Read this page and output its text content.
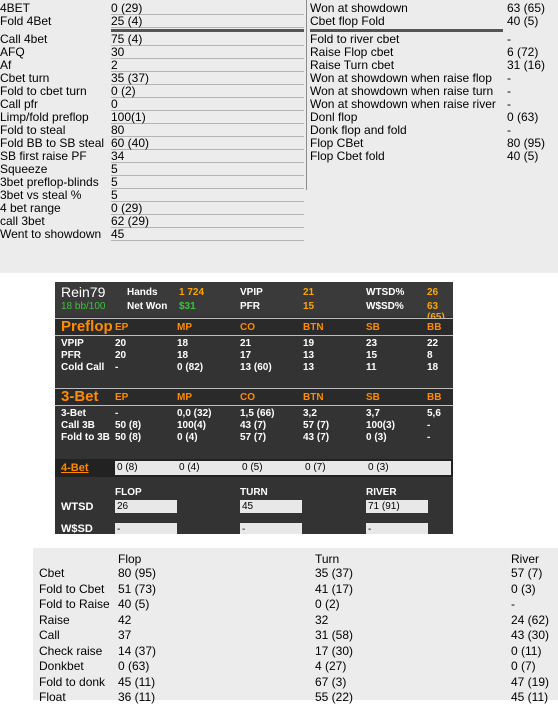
4BET	0 (29)
Fold 4Bet	25 (4)
Call 4bet	75 (4)
AFQ	30
Af	2
Cbet turn	35 (37)
Fold to cbet turn 0 (2)
Call pfr	0
Limp/fold preflop 100(1)
Fold to steal	80
Fold BB to SB steal 60 (40)
SB first raise PF 34
Squeeze	5
3bet preflop-blinds 5
3bet vs steal % 5
4 bet range	0 (29)
call 3bet	62 (29)
Went to showdown 45
Won at showdown	63 (65)
Cbet flop Fold	40 (5)
Fold to river cbet	-
Raise Flop cbet	6 (72)
Raise Turn cbet	31 (16)
Won at showdown when raise flop -
Won at showdown when raise turn -
Won at showdown when raise river -
Donl flop	0 (63)
Donk flop and fold	-
Flop CBet	80 (95)
Flop Cbet fold	40 (5)
Rein79
18 bb/100
Hands 1 724
Net Won $31
VPIP	21
PFR	15
WTSD% 26
W$SD% 63
Preflop EP	MP	CO	BTN	SB	BB
VPIP	20	18	21	19	23	22
PFR	20	18	17	13	15	8
Cold Call -	0 (82)	13 (60)	13	11	18
3-Bet EP	MP	CO	BTN	SB	BB
3-Bet	-	0,0 (32)	1,5 (66)	3,2	3,7	5,6
Call 3B 50 (8)	100(4)	43 (7)	57 (7)	100(3)	-
Fold to 3B 50 (8)	0 (4)	57 (7)	43 (7)	0 (3)	-
4-Bet	0 (8)	0 (4)	0 (5)	0 (7)	0 (3)
FLOP	TURN	RIVER
WTSD 26	45	71 (91)
W$SD -	-	-
Flop	Turn	River
Cbet	80 (95)	35 (37)	57 (7)
Fold to Cbet 51 (73)	41 (17)	0 (3)
Fold to Raise 40 (5)	0 (2)	-
Raise	42	32	24 (62)
Call	37	31 (58)	43 (30)
Check raise 14 (37)	17 (30)	0 (11)
Donkbet	0 (63)	4 (27)	0 (7)
Fold to donk 45 (11)	67 (3)	47 (19)
Float	36 (11)	55 (22)	45 (11)
